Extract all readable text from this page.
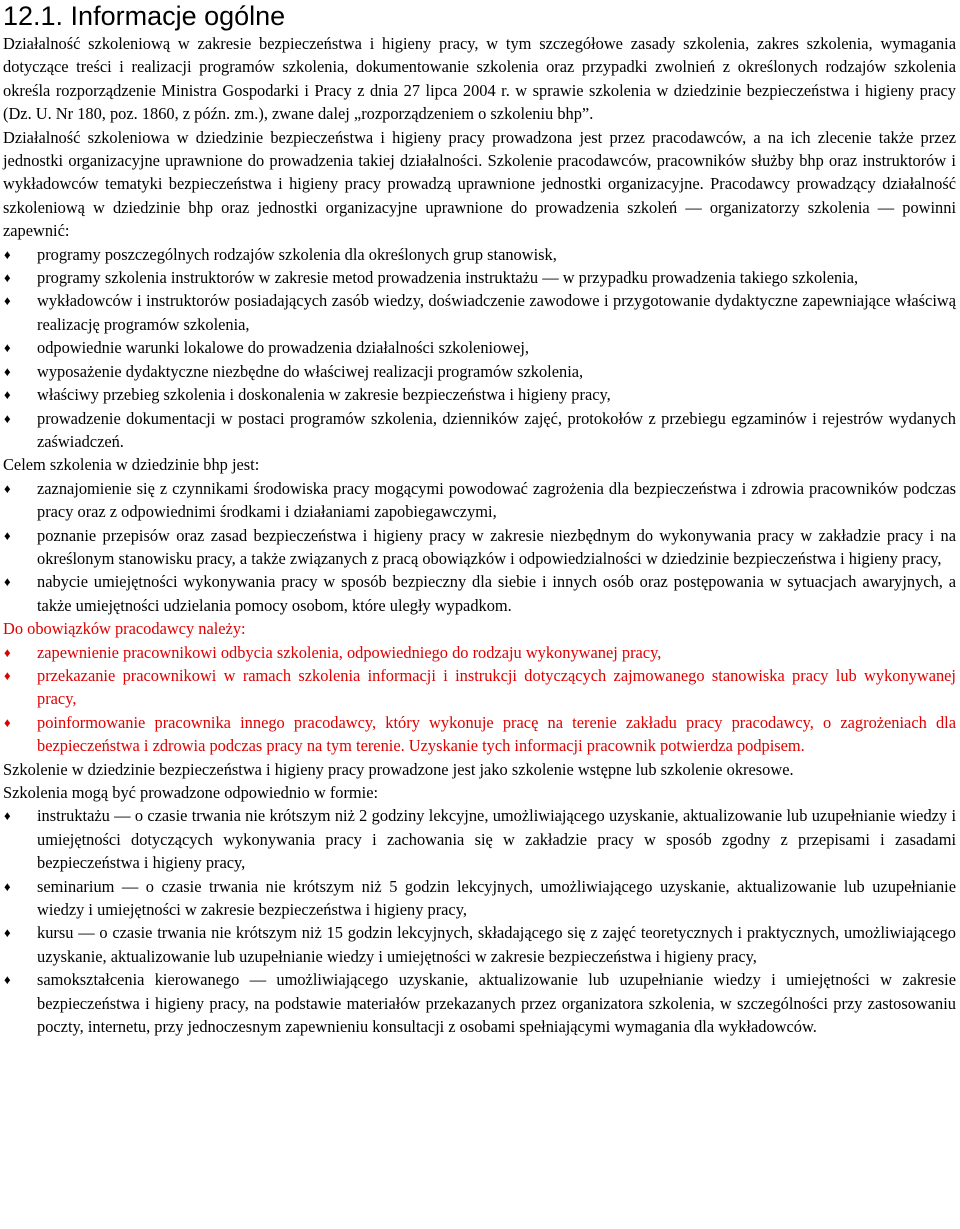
12.1. Informacje ogólne

Działalność szkoleniową w zakresie bezpieczeństwa i higieny pracy, w tym szczegółowe zasady szkolenia, zakres szkolenia, wymagania dotyczące treści i realizacji programów szkolenia, dokumentowanie szkolenia oraz przypadki zwolnień z określonych rodzajów szkolenia określa rozporządzenie Ministra Gospodarki i Pracy z dnia 27 lipca 2004 r. w sprawie szkolenia w dziedzinie bezpieczeństwa i higieny pracy (Dz. U. Nr 180, poz. 1860, z późn. zm.), zwane dalej „rozporządzeniem o szkoleniu bhp”.

Działalność szkoleniowa w dziedzinie bezpieczeństwa i higieny pracy prowadzona jest przez pracodawców, a na ich zlecenie także przez jednostki organizacyjne uprawnione do prowadzenia takiej działalności. Szkolenie pracodawców, pracowników służby bhp oraz instruktorów i wykładowców tematyki bezpieczeństwa i higieny pracy prowadzą uprawnione jednostki organizacyjne. Pracodawcy prowadzący działalność szkoleniową w dziedzinie bhp oraz jednostki organizacyjne uprawnione do prowadzenia szkoleń — organizatorzy szkolenia — powinni zapewnić:

♦	programy poszczególnych rodzajów szkolenia dla określonych grup stanowisk,
♦	programy szkolenia instruktorów w zakresie metod prowadzenia instruktażu — w przypadku prowadzenia takiego szkolenia,
♦	wykładowców i instruktorów posiadających zasób wiedzy, doświadczenie zawodowe i przygotowanie dydaktyczne zapewniające właściwą realizację programów szkolenia,
♦	odpowiednie warunki lokalowe do prowadzenia działalności szkoleniowej,
♦	wyposażenie dydaktyczne niezbędne do właściwej realizacji programów szkolenia,
♦	właściwy przebieg szkolenia i doskonalenia w zakresie bezpieczeństwa i higieny pracy,
♦	prowadzenie dokumentacji w postaci programów szkolenia, dzienników zajęć, protokołów z przebiegu egzaminów i rejestrów wydanych zaświadczeń.

Celem szkolenia w dziedzinie bhp jest:

♦	zaznajomienie się z czynnikami środowiska pracy mogącymi powodować zagrożenia dla bezpieczeństwa i zdrowia pracowników podczas pracy oraz z odpowiednimi środkami i działaniami zapobiegawczymi,
♦	poznanie przepisów oraz zasad bezpieczeństwa i higieny pracy w zakresie niezbędnym do wykonywania pracy w zakładzie pracy i na określonym stanowisku pracy, a także związanych z pracą obowiązków i odpowiedzialności w dziedzinie bezpieczeństwa i higieny pracy,
♦	nabycie umiejętności wykonywania pracy w sposób bezpieczny dla siebie i innych osób oraz postępowania w sytuacjach awaryjnych, a także umiejętności udzielania pomocy osobom, które uległy wypadkom.

Do obowiązków pracodawcy należy:

♦	zapewnienie pracownikowi odbycia szkolenia, odpowiedniego do rodzaju wykonywanej pracy,
♦	przekazanie pracownikowi w ramach szkolenia informacji i instrukcji dotyczących zajmowanego stanowiska pracy lub wykonywanej pracy,
♦	poinformowanie pracownika innego pracodawcy, który wykonuje pracę na terenie zakładu pracy pracodawcy, o zagrożeniach dla bezpieczeństwa i zdrowia podczas pracy na tym terenie. Uzyskanie tych informacji pracownik potwierdza podpisem.

Szkolenie w dziedzinie bezpieczeństwa i higieny pracy prowadzone jest jako szkolenie wstępne lub szkolenie okresowe.

Szkolenia mogą być prowadzone odpowiednio w formie:

♦	instruktażu — o czasie trwania nie krótszym niż 2 godziny lekcyjne, umożliwiającego uzyskanie, aktualizowanie lub uzupełnianie wiedzy i umiejętności dotyczących wykonywania pracy i zachowania się w zakładzie pracy w sposób zgodny z przepisami i zasadami bezpieczeństwa i higieny pracy,
♦	seminarium — o czasie trwania nie krótszym niż 5 godzin lekcyjnych, umożliwiającego uzyskanie, aktualizowanie lub uzupełnianie wiedzy i umiejętności w zakresie bezpieczeństwa i higieny pracy,
♦	kursu — o czasie trwania nie krótszym niż 15 godzin lekcyjnych, składającego się z zajęć teoretycznych i praktycznych, umożliwiającego uzyskanie, aktualizowanie lub uzupełnianie wiedzy i umiejętności w zakresie bezpieczeństwa i higieny pracy,
♦	samokształcenia kierowanego — umożliwiającego uzyskanie, aktualizowanie lub uzupełnianie wiedzy i umiejętności w zakresie bezpieczeństwa i higieny pracy, na podstawie materiałów przekazanych przez organizatora szkolenia, w szczególności przy zastosowaniu poczty, internetu, przy jednoczesnym zapewnieniu konsultacji z osobami spełniającymi wymagania dla wykładowców.
